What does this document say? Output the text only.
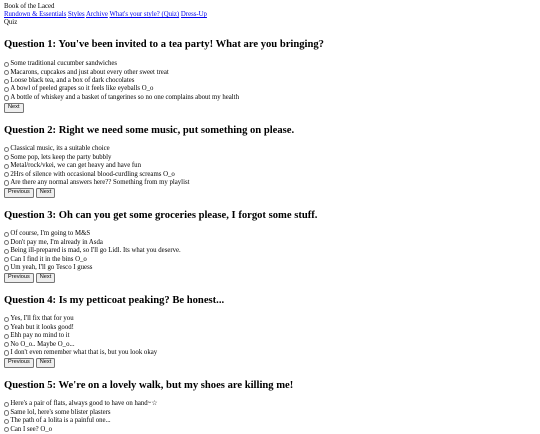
Book of the Laced
Rundown & Essentials Styles Archive What's your style? (Quiz) Dress-Up
Quiz
Question 1: You've been invited to a tea party! What are you bringing?
Some traditional cucumber sandwiches
Macarons, cupcakes and just about every other sweet treat
Loose black tea, and a box of dark chocolates
A bowl of peeled grapes so it feels like eyeballs O_o
A bottle of whiskey and a basket of tangerines so no one complains about my health
Next
Question 2: Right we need some music, put something on please.
Classical music, its a suitable choice
Some pop, lets keep the party bubbly
Metal/rock/vkei, we can get heavy and have fun
2Hrs of silence with occasional blood-curdling screams O_o
Are there any normal answers here?? Something from my playlist
Previous	Next
Question 3: Oh can you get some groceries please, I forgot some stuff.
Of course, I'm going to M&S
Don't pay me, I'm already in Asda
Being ill-prepared is mad, so I'll go Lidl. Its what you deserve.
Can I find it in the bins O_o
Um yeah, I'll go Tesco I guess
Previous	Next
Question 4: Is my petticoat peaking? Be honest...
Yes, I'll fix that for you
Yeah but it looks good!
Ehh pay no mind to it
No O_o.. Maybe O_o...
I don't even remember what that is, but you look okay
Previous	Next
Question 5: We're on a lovely walk, but my shoes are killing me!
Here's a pair of flats, always good to have on hand~☆
Same lol, here's some blister plasters
The path of a lolita is a painful one...
Can I see? O_o
